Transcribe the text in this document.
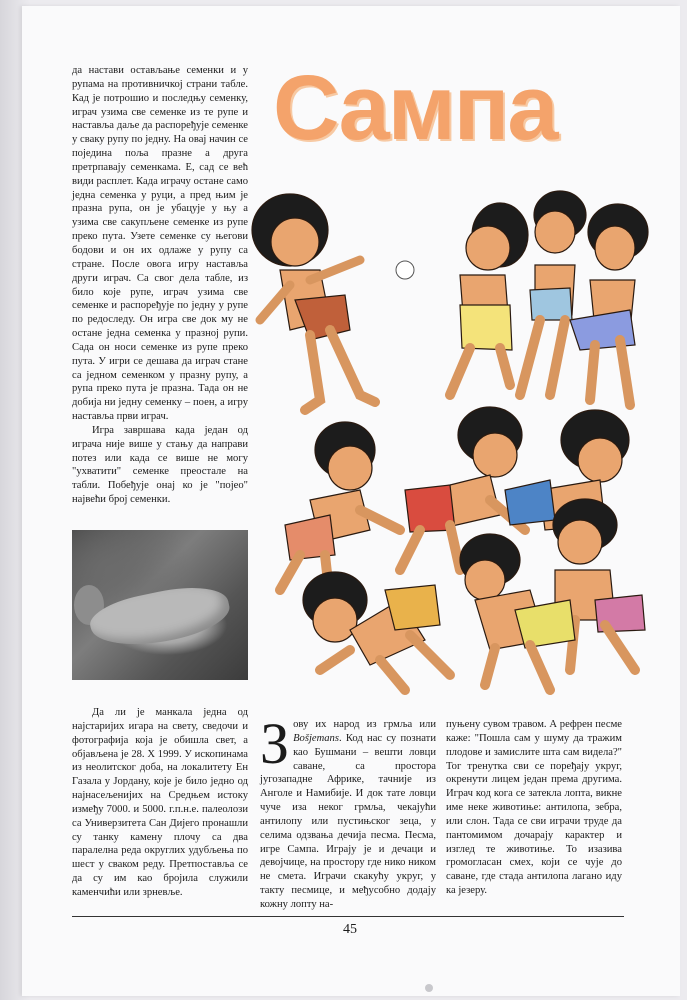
да настави остављање семенки и у рупама на противничкој страни табле. Кад је потрошио и последњу семенку, играч узима све семенке из те рупе и наставља даље да распоређује семенке у сваку рупу по једну. На овај начин се поједина поља празне а друга претрпавају семенкама. Е, сад се већ види расплет. Када играчу остане само једна семенка у руци, а пред њим је празна рупа, он је убацује у њу а узима све сакупљене семенке из рупе преко пута. Узете семенке су његови бодови и он их одлаже у рупу са стране. После овога игру наставља други играч. Са свог дела табле, из било које рупе, играч узима све семенке и распоређује по једну у рупе по редоследу. Он игра све док му не остане једна семенка у празној рупи. Сада он носи семенке из рупе преко пута. У игри се дешава да играч стане са једном семенком у празну рупу, а рупа преко пута је празна. Тада он не добија ни једну семенку – поен, а игру наставља први играч.

Игра завршава када један од играча није више у стању да направи потез или када се више не могу "ухватити" семенке преостале на табли. Побеђује онај ко је "појео" највећи број семенки.

Сампа

Да ли је манкала једна од најстаријих игара на свету, сведочи и фотографија која је обишла свет, а објављена је 28. X 1999. У ископинама из неолитског доба, на локалитету Ен Газала у Јордану, које је било једно од најнасељенијих на Средњем истоку између 7000. и 5000. г.п.н.е. палеолози са Универзитета Сан Дијего пронашли су танку камену плочу са два паралелна реда округлих удубљења по шест у сваком реду. Претпоставља се да су им као бројила служили каменчићи или зрневље.

Зову их народ из грмља или Bošjemans. Код нас су познати као Бушмани – вешти ловци саване, са простора југозападне Африке, тачније из Анголе и Намибије. И док тате ловци чуче иза неког грмља, чекајући антилопу или пустињског зеца, у селима одзвања дечија песма. Песма, игре Сампа. Играју је и дечаци и девојчице, на простору где нико ником не смета. Играчи скакућу укруг, у такту песмице, и међусобно додају кожну лопту на-

пуњену сувом травом. А рефрен песме каже: "Пошла сам у шуму да тражим плодове и замислите шта сам видела?" Тог тренутка сви се поређају укруг, окренути лицем један према другима. Играч код кога се затекла лопта, викне име неке животиње: антилопа, зебра, или слон. Тада се сви играчи труде да пантомимом дочарају карактер и изглед те животиње. То изазива громогласан смех, који се чује до саване, где стада антилопа лагано иду ка језеру.

45
